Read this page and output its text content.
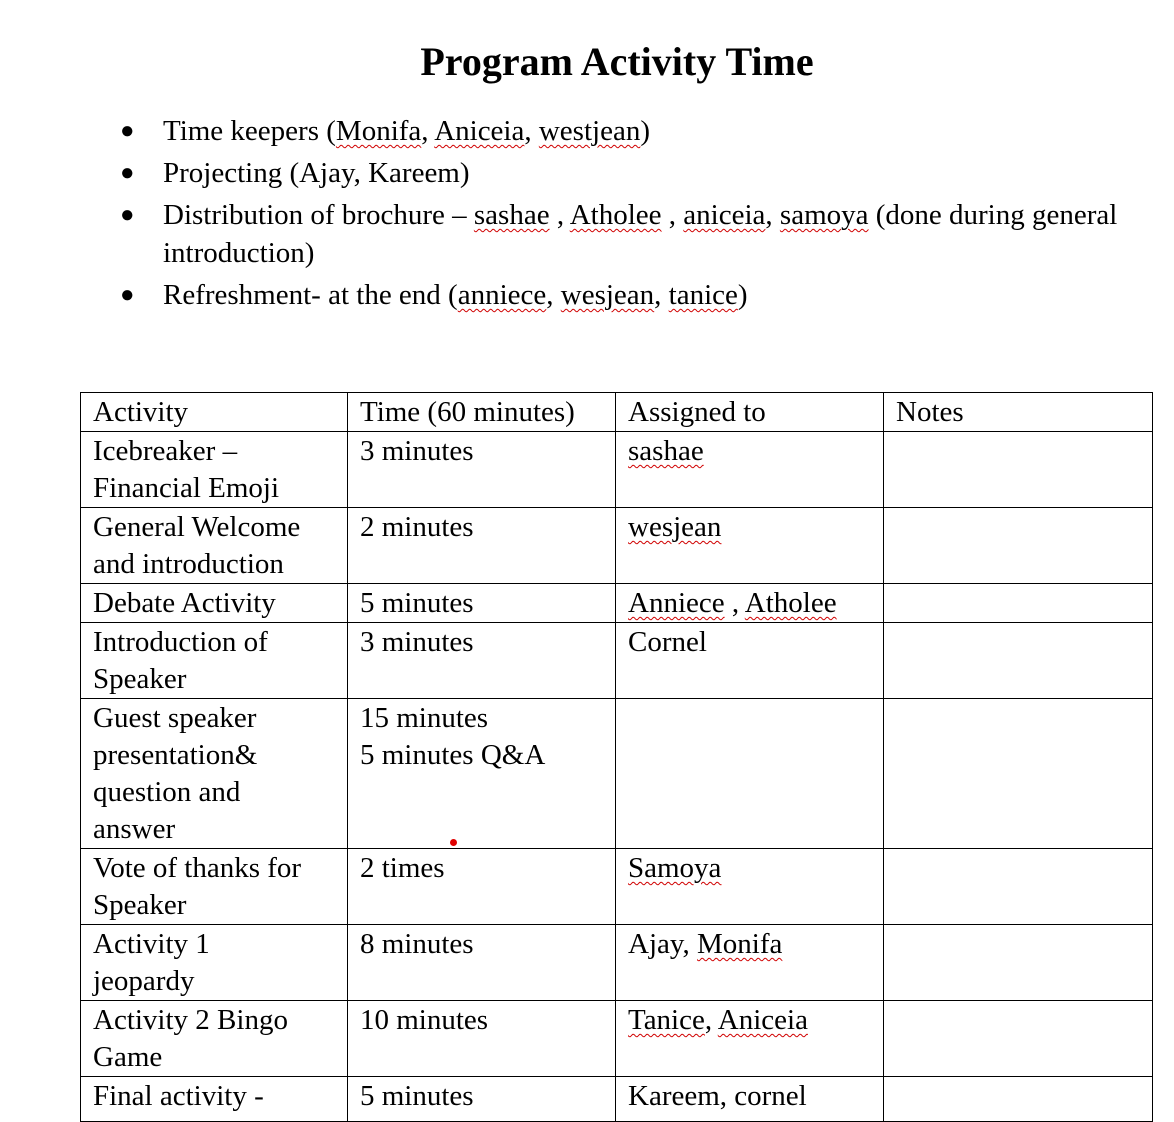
Program Activity Time
● Time keepers (Monifa, Aniceia, westjean)
● Projecting (Ajay, Kareem)
● Distribution of brochure – sashae , Atholee , aniceia, samoya (done during general introduction)
● Refreshment- at the end (anniece, wesjean, tanice)
Activity	Time (60 minutes)	Assigned to	Notes
Icebreaker –
Financial Emoji	3 minutes	sashae	
General Welcome
and introduction	2 minutes	wesjean	
Debate Activity	5 minutes	Anniece , Atholee	
Introduction of
Speaker	3 minutes	Cornel	
Guest speaker
presentation&
question and
answer	15 minutes
5 minutes Q&A		
Vote of thanks for
Speaker	2 times	Samoya	
Activity 1
jeopardy	8 minutes	Ajay, Monifa	
Activity 2 Bingo
Game	10 minutes	Tanice, Aniceia	
Final activity -	5 minutes	Kareem, cornel	
